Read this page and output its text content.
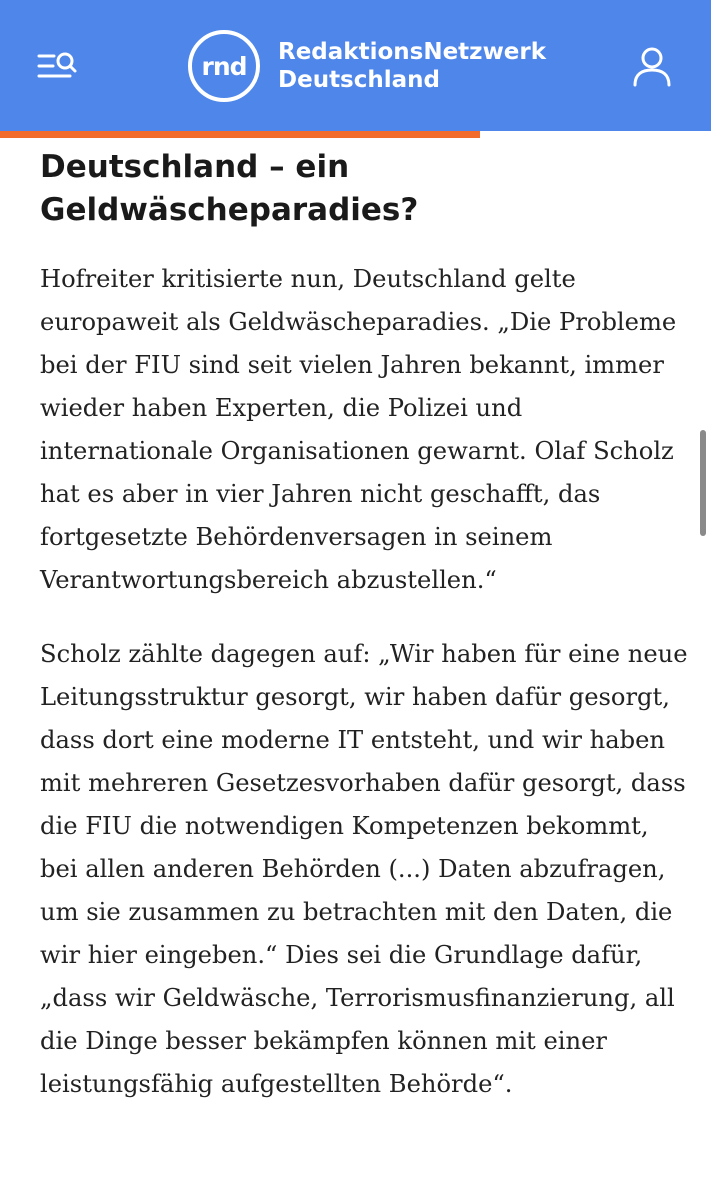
rnd RedaktionsNetzwerk
Deutschland
Deutschland – ein Geldwäscheparadies?

Hofreiter kritisierte nun, Deutschland gelte europaweit als Geldwäscheparadies. „Die Probleme bei der FIU sind seit vielen Jahren bekannt, immer wieder haben Experten, die Polizei und internationale Organisationen gewarnt. Olaf Scholz hat es aber in vier Jahren nicht geschafft, das fortgesetzte Behördenversagen in seinem Verantwortungsbereich abzustellen.“

Scholz zählte dagegen auf: „Wir haben für eine neue Leitungsstruktur gesorgt, wir haben dafür gesorgt, dass dort eine moderne IT entsteht, und wir haben mit mehreren Gesetzesvorhaben dafür gesorgt, dass die FIU die notwendigen Kompetenzen bekommt, bei allen anderen Behörden (...) Daten abzufragen, um sie zusammen zu betrachten mit den Daten, die wir hier eingeben.“ Dies sei die Grundlage dafür, „dass wir Geldwäsche, Terrorismusfinanzierung, all die Dinge besser bekämpfen können mit einer leistungsfähig aufgestellten Behörde“.
